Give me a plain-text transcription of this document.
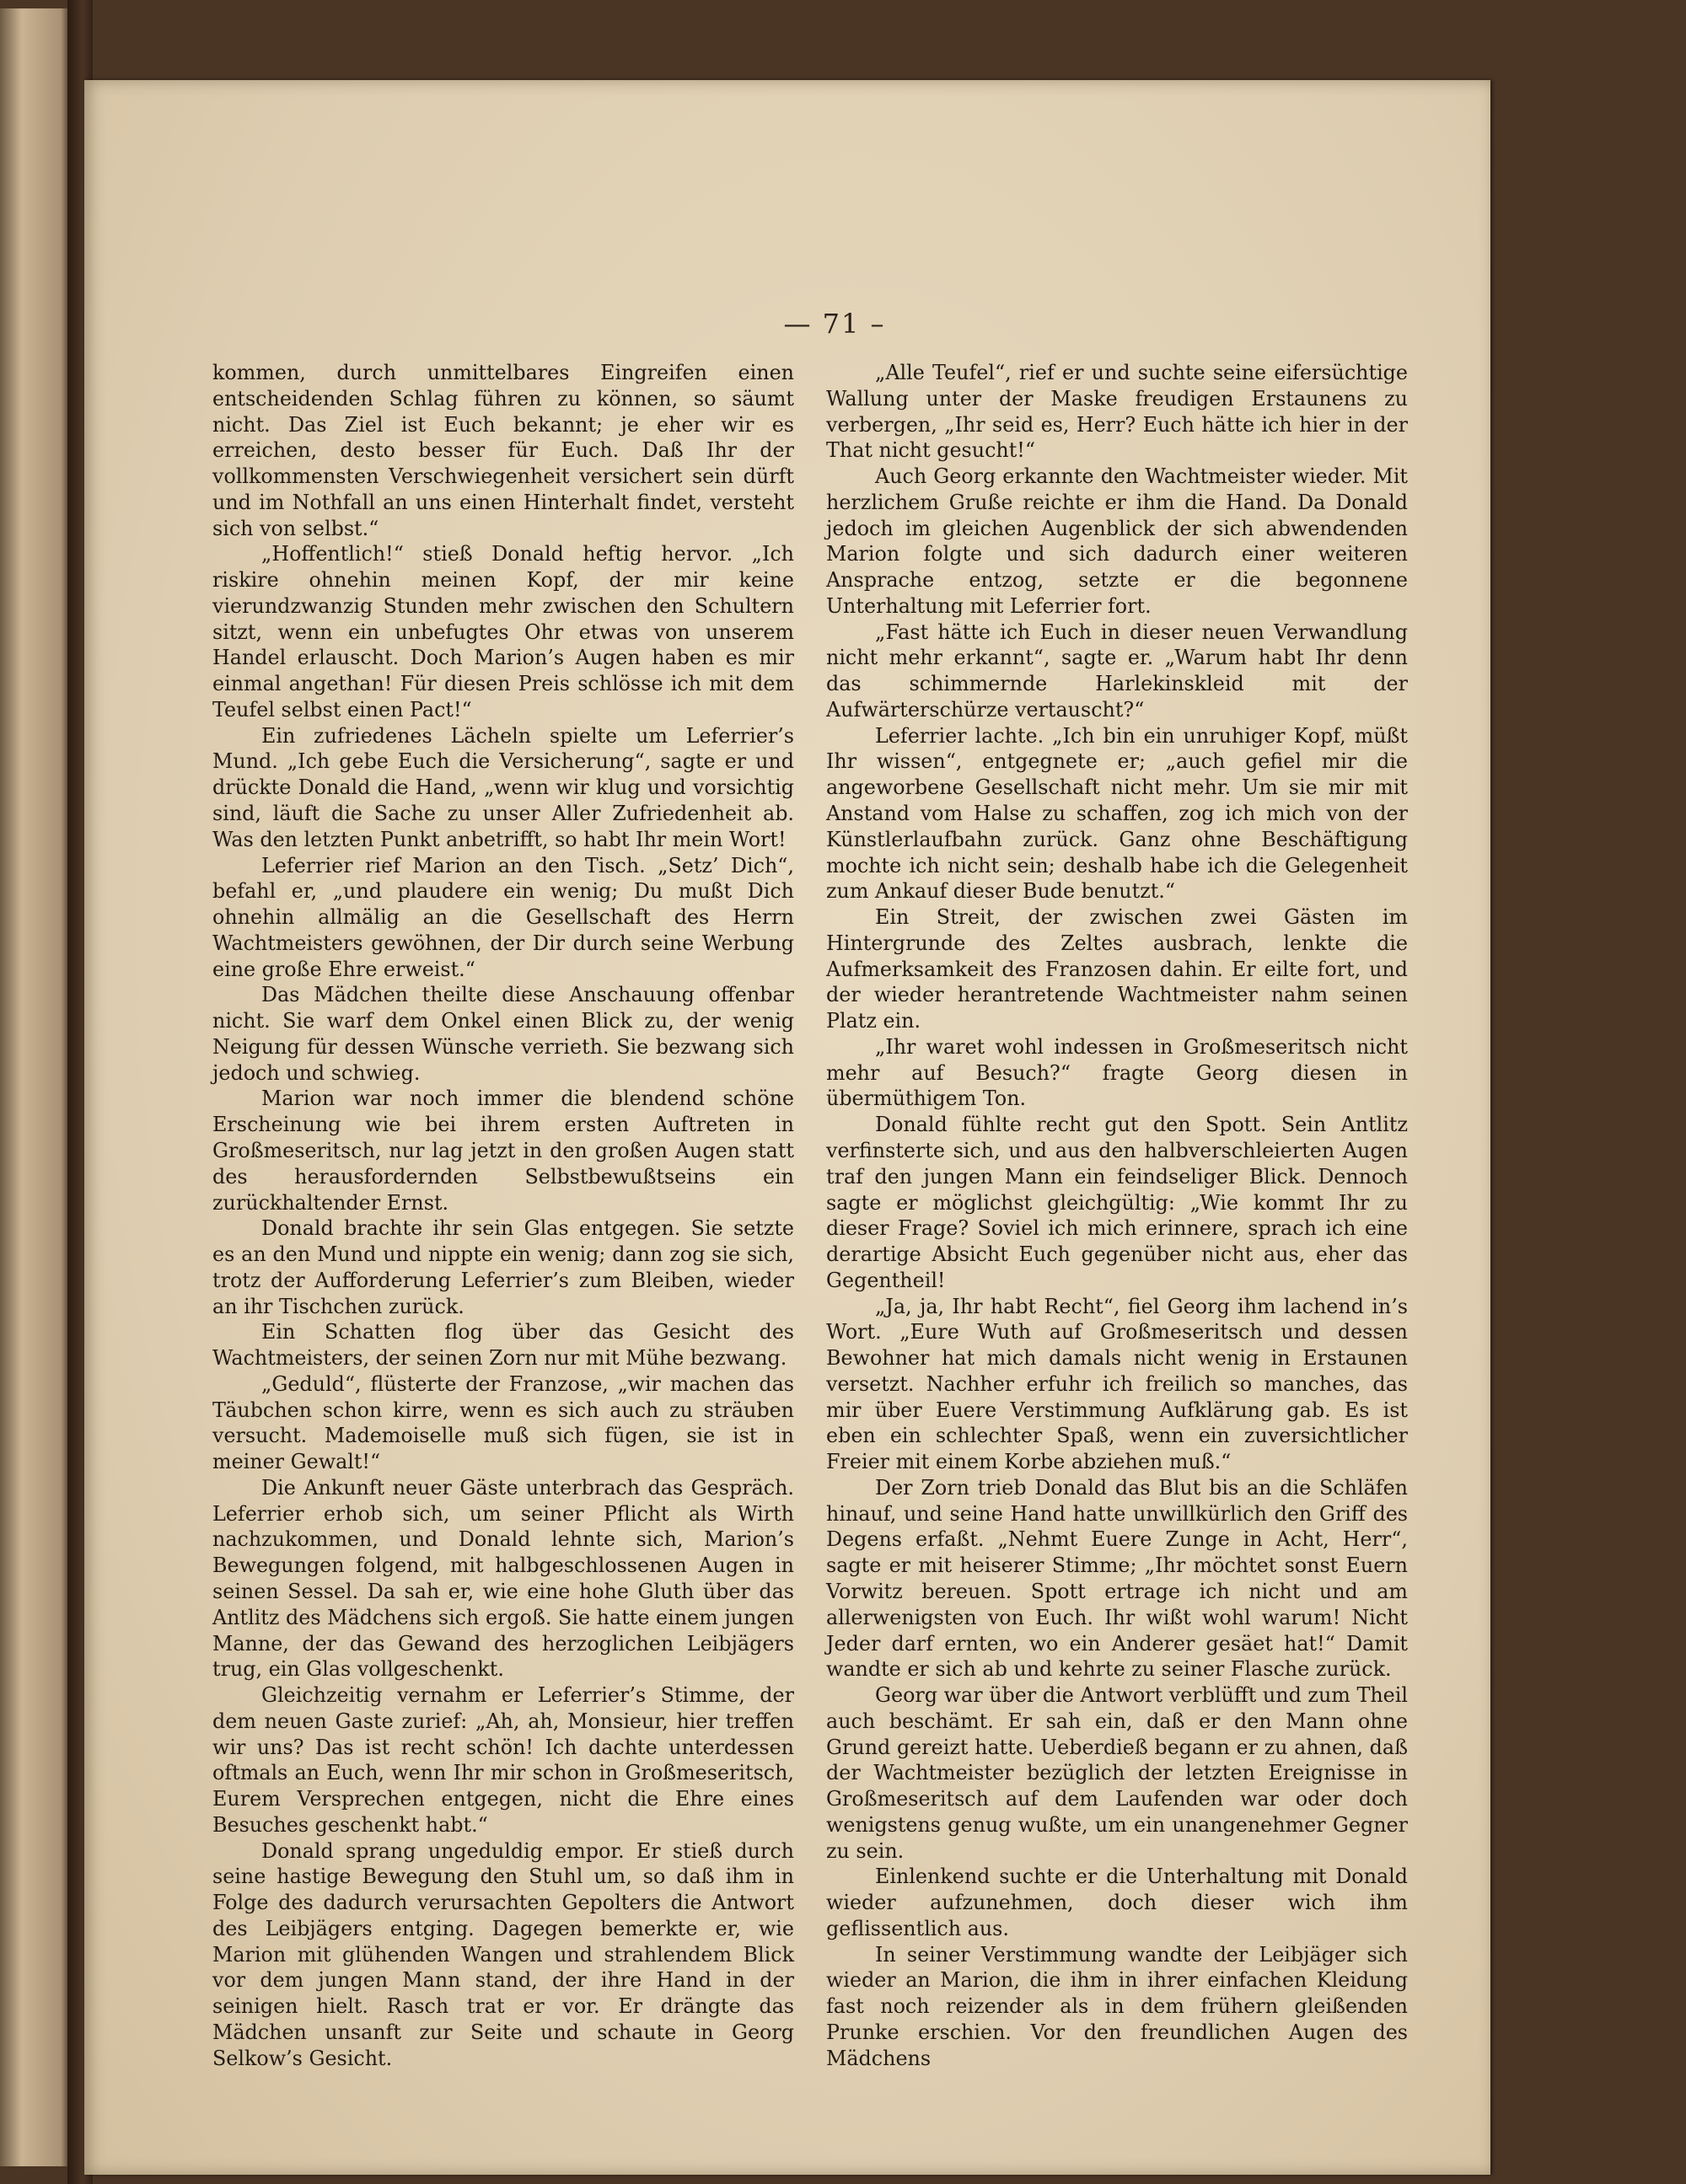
— 71 –

kommen, durch unmittelbares Eingreifen einen entscheidenden Schlag führen zu können, so säumt nicht. Das Ziel ist Euch bekannt; je eher wir es erreichen, desto besser für Euch. Daß Ihr der vollkommensten Verschwiegenheit versichert sein dürft und im Nothfall an uns einen Hinterhalt findet, versteht sich von selbst.“

„Hoffentlich!“ stieß Donald heftig hervor. „Ich riskire ohnehin meinen Kopf, der mir keine vierundzwanzig Stunden mehr zwischen den Schultern sitzt, wenn ein unbefugtes Ohr etwas von unserem Handel erlauscht. Doch Marion’s Augen haben es mir einmal angethan! Für diesen Preis schlösse ich mit dem Teufel selbst einen Pact!“

Ein zufriedenes Lächeln spielte um Leferrier’s Mund. „Ich gebe Euch die Versicherung“, sagte er und drückte Donald die Hand, „wenn wir klug und vorsichtig sind, läuft die Sache zu unser Aller Zufriedenheit ab. Was den letzten Punkt anbetrifft, so habt Ihr mein Wort!

Leferrier rief Marion an den Tisch. „Setz’ Dich“, befahl er, „und plaudere ein wenig; Du mußt Dich ohnehin allmälig an die Gesellschaft des Herrn Wachtmeisters gewöhnen, der Dir durch seine Werbung eine große Ehre erweist.“

Das Mädchen theilte diese Anschauung offenbar nicht. Sie warf dem Onkel einen Blick zu, der wenig Neigung für dessen Wünsche verrieth. Sie bezwang sich jedoch und schwieg.

Marion war noch immer die blendend schöne Erscheinung wie bei ihrem ersten Auftreten in Großmeseritsch, nur lag jetzt in den großen Augen statt des herausfordernden Selbstbewußtseins ein zurückhaltender Ernst.

Donald brachte ihr sein Glas entgegen. Sie setzte es an den Mund und nippte ein wenig; dann zog sie sich, trotz der Aufforderung Leferrier’s zum Bleiben, wieder an ihr Tischchen zurück.

Ein Schatten flog über das Gesicht des Wachtmeisters, der seinen Zorn nur mit Mühe bezwang.

„Geduld“, flüsterte der Franzose, „wir machen das Täubchen schon kirre, wenn es sich auch zu sträuben versucht. Mademoiselle muß sich fügen, sie ist in meiner Gewalt!“

Die Ankunft neuer Gäste unterbrach das Gespräch. Leferrier erhob sich, um seiner Pflicht als Wirth nachzukommen, und Donald lehnte sich, Marion’s Bewegungen folgend, mit halbgeschlossenen Augen in seinen Sessel. Da sah er, wie eine hohe Gluth über das Antlitz des Mädchens sich ergoß. Sie hatte einem jungen Manne, der das Gewand des herzoglichen Leibjägers trug, ein Glas vollgeschenkt.

Gleichzeitig vernahm er Leferrier’s Stimme, der dem neuen Gaste zurief: „Ah, ah, Monsieur, hier treffen wir uns? Das ist recht schön! Ich dachte unterdessen oftmals an Euch, wenn Ihr mir schon in Großmeseritsch, Eurem Versprechen entgegen, nicht die Ehre eines Besuches geschenkt habt.“

Donald sprang ungeduldig empor. Er stieß durch seine hastige Bewegung den Stuhl um, so daß ihm in Folge des dadurch verursachten Gepolters die Antwort des Leibjägers entging. Dagegen bemerkte er, wie Marion mit glühenden Wangen und strahlendem Blick vor dem jungen Mann stand, der ihre Hand in der seinigen hielt. Rasch trat er vor. Er drängte das Mädchen unsanft zur Seite und schaute in Georg Selkow’s Gesicht.

„Alle Teufel“, rief er und suchte seine eifersüchtige Wallung unter der Maske freudigen Erstaunens zu verbergen, „Ihr seid es, Herr? Euch hätte ich hier in der That nicht gesucht!“

Auch Georg erkannte den Wachtmeister wieder. Mit herzlichem Gruße reichte er ihm die Hand. Da Donald jedoch im gleichen Augenblick der sich abwendenden Marion folgte und sich dadurch einer weiteren Ansprache entzog, setzte er die begonnene Unterhaltung mit Leferrier fort.

„Fast hätte ich Euch in dieser neuen Verwandlung nicht mehr erkannt“, sagte er. „Warum habt Ihr denn das schimmernde Harlekinskleid mit der Aufwärterschürze vertauscht?“

Leferrier lachte. „Ich bin ein unruhiger Kopf, müßt Ihr wissen“, entgegnete er; „auch gefiel mir die angeworbene Gesellschaft nicht mehr. Um sie mir mit Anstand vom Halse zu schaffen, zog ich mich von der Künstlerlaufbahn zurück. Ganz ohne Beschäftigung mochte ich nicht sein; deshalb habe ich die Gelegenheit zum Ankauf dieser Bude benutzt.“

Ein Streit, der zwischen zwei Gästen im Hintergrunde des Zeltes ausbrach, lenkte die Aufmerksamkeit des Franzosen dahin. Er eilte fort, und der wieder herantretende Wachtmeister nahm seinen Platz ein.

„Ihr waret wohl indessen in Großmeseritsch nicht mehr auf Besuch?“ fragte Georg diesen in übermüthigem Ton.

Donald fühlte recht gut den Spott. Sein Antlitz verfinsterte sich, und aus den halbverschleierten Augen traf den jungen Mann ein feindseliger Blick. Dennoch sagte er möglichst gleichgültig: „Wie kommt Ihr zu dieser Frage? Soviel ich mich erinnere, sprach ich eine derartige Absicht Euch gegenüber nicht aus, eher das Gegentheil!

„Ja, ja, Ihr habt Recht“, fiel Georg ihm lachend in’s Wort. „Eure Wuth auf Großmeseritsch und dessen Bewohner hat mich damals nicht wenig in Erstaunen versetzt. Nachher erfuhr ich freilich so manches, das mir über Euere Verstimmung Aufklärung gab. Es ist eben ein schlechter Spaß, wenn ein zuversichtlicher Freier mit einem Korbe abziehen muß.“

Der Zorn trieb Donald das Blut bis an die Schläfen hinauf, und seine Hand hatte unwillkürlich den Griff des Degens erfaßt. „Nehmt Euere Zunge in Acht, Herr“, sagte er mit heiserer Stimme; „Ihr möchtet sonst Euern Vorwitz bereuen. Spott ertrage ich nicht und am allerwenigsten von Euch. Ihr wißt wohl warum! Nicht Jeder darf ernten, wo ein Anderer gesäet hat!“ Damit wandte er sich ab und kehrte zu seiner Flasche zurück.

Georg war über die Antwort verblüfft und zum Theil auch beschämt. Er sah ein, daß er den Mann ohne Grund gereizt hatte. Ueberdieß begann er zu ahnen, daß der Wachtmeister bezüglich der letzten Ereignisse in Großmeseritsch auf dem Laufenden war oder doch wenigstens genug wußte, um ein unangenehmer Gegner zu sein.

Einlenkend suchte er die Unterhaltung mit Donald wieder aufzunehmen, doch dieser wich ihm geflissentlich aus.

In seiner Verstimmung wandte der Leibjäger sich wieder an Marion, die ihm in ihrer einfachen Kleidung fast noch reizender als in dem frühern gleißenden Prunke erschien. Vor den freundlichen Augen des Mädchens
